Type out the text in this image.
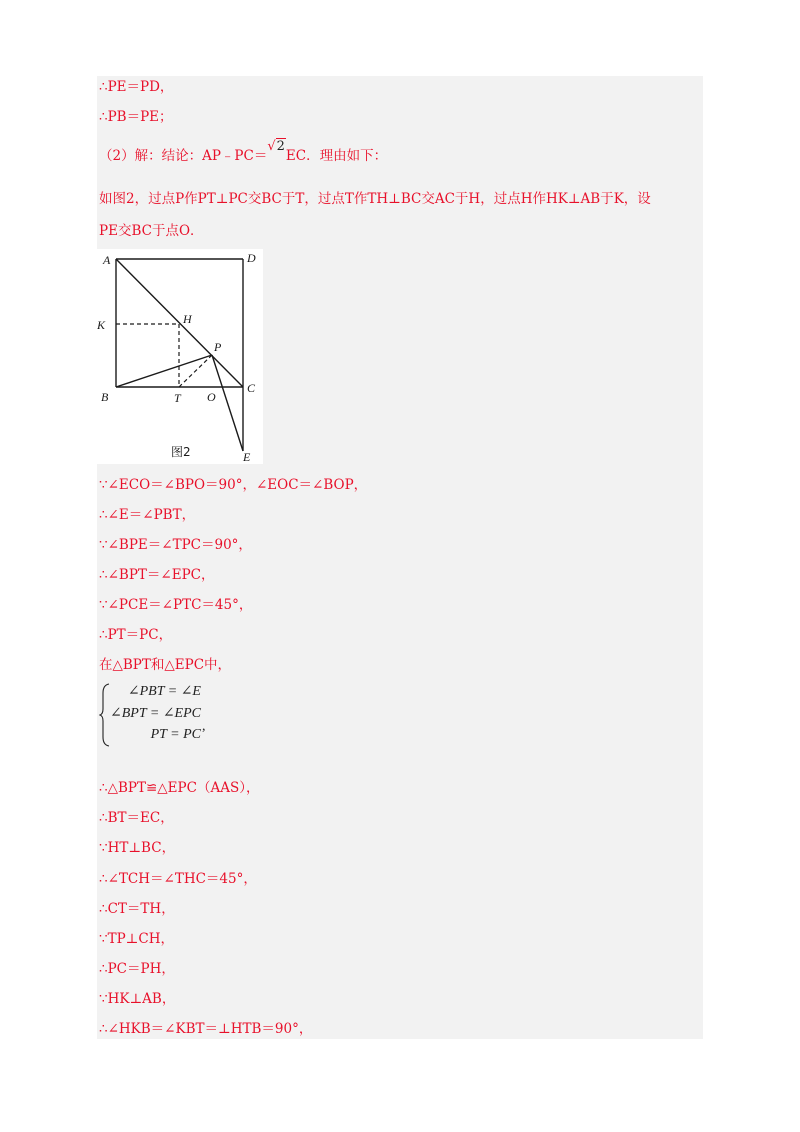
∴PE＝PD，
∴PB＝PE；
（2）解：结论：AP﹣PC＝√2EC．理由如下：
如图2，过点P作PT⊥PC交BC于T，过点T作TH⊥BC交AC于H，过点H作HK⊥AB于K，设
PE交BC于点O．
A	D
K	H
P
B	T O
C
E
图2
∵∠ECO＝∠BPO＝90°，∠EOC＝∠BOP，
∴∠E＝∠PBT，
∵∠BPE＝∠TPC＝90°，
∴∠BPT＝∠EPC，
∵∠PCE＝∠PTC＝45°，
∴PT＝PC，
在△BPT和△EPC中，
∠PBT = ∠E
∠BPT = ∠EPC
PT = PC
,
∴△BPT≌△EPC（AAS），
∴BT＝EC，
∵HT⊥BC，
∴∠TCH＝∠THC＝45°，
∴CT＝TH，
∵TP⊥CH，
∴PC＝PH，
∵HK⊥AB，
∴∠HKB＝∠KBT＝⊥HTB＝90°，
